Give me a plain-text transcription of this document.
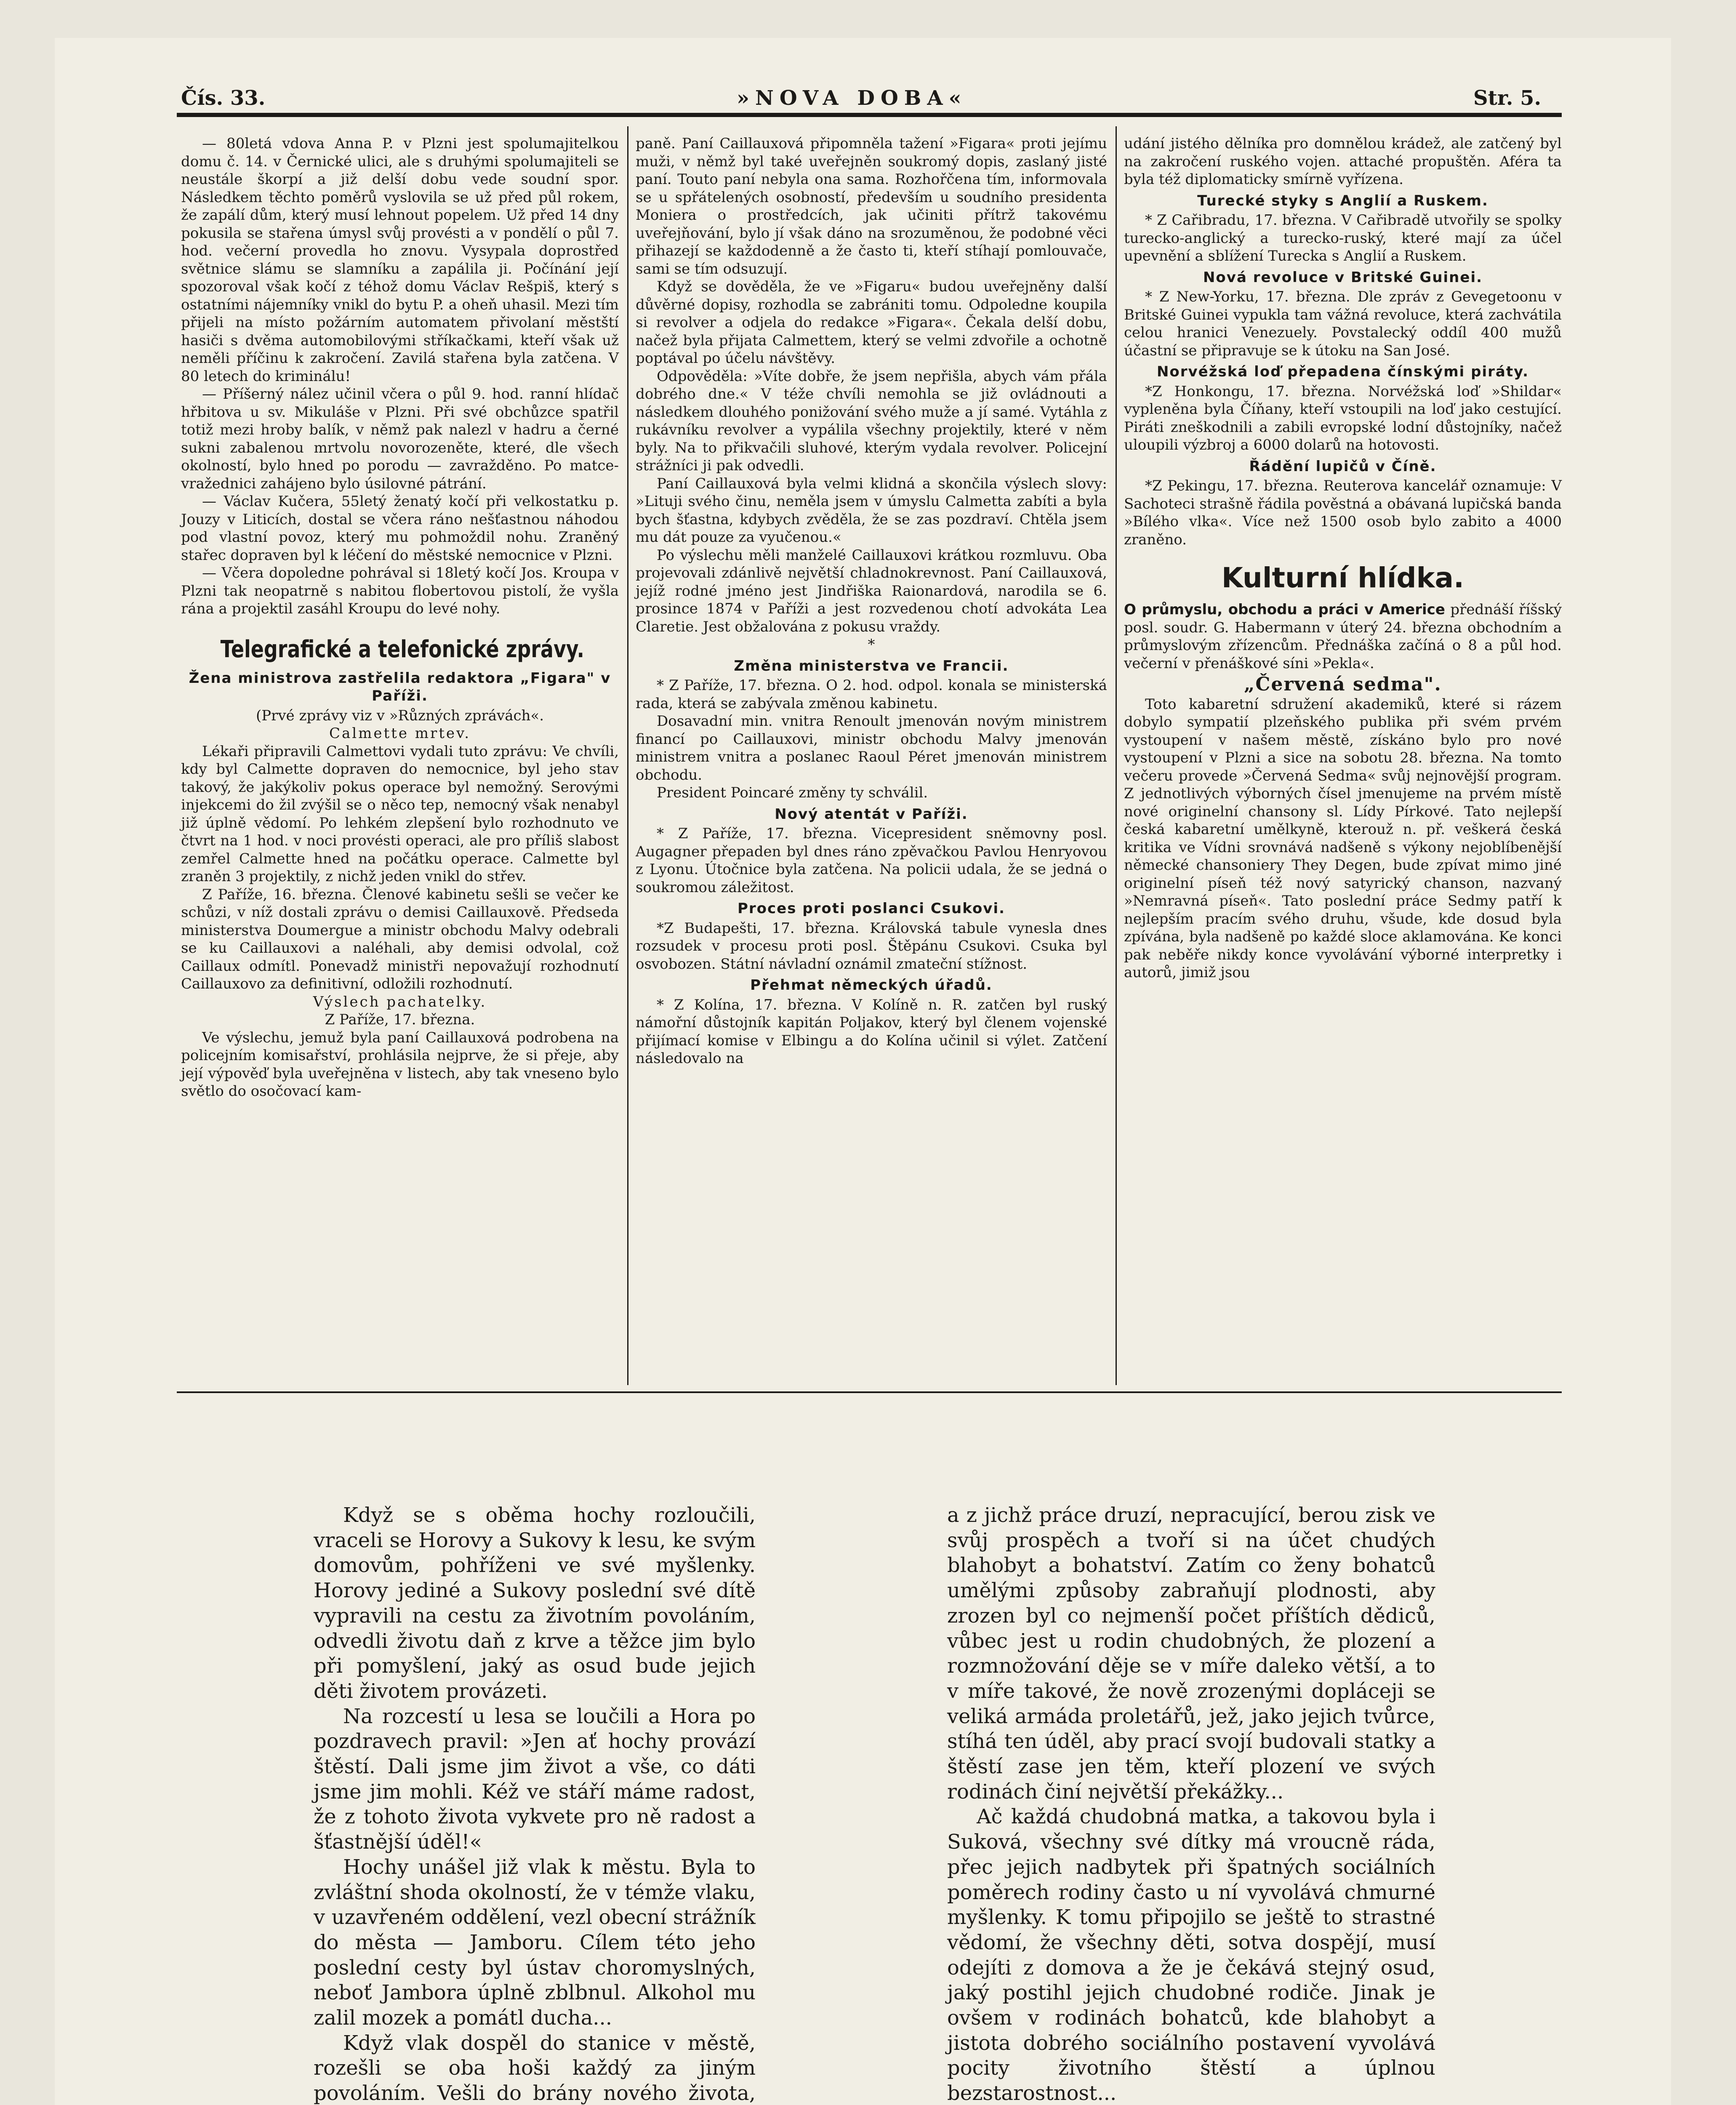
Čís. 33.	»NOVA DOBA«	Str. 5.

— 80letá vdova Anna P. v Plzni jest spolumajitelkou domu č. 14. v Černické ulici, ale s druhými spolumajiteli se neustále škorpí a již delší dobu vede soudní spor. Následkem těchto poměrů vyslovila se už před půl rokem, že zapálí dům, který musí lehnout popelem. Už před 14 dny pokusila se stařena úmysl svůj provésti a v pondělí o půl 7. hod. večerní provedla ho znovu. Vysypala doprostřed světnice slámu se slamníku a zapálila ji. Počínání její spozoroval však kočí z téhož domu Václav Rešpiš, který s ostatními nájemníky vnikl do bytu P. a oheň uhasil. Mezi tím přijeli na místo požárním automatem přivolaní městští hasiči s dvěma automobilovými stříkačkami, kteří však už neměli příčinu k zakročení. Zavilá stařena byla zatčena. V 80 letech do kriminálu!

— Příšerný nález učinil včera o půl 9. hod. ranní hlídač hřbitova u sv. Mikuláše v Plzni. Při své obchůzce spatřil totiž mezi hroby balík, v němž pak nalezl v hadru a černé sukni zabalenou mrtvolu novorozeněte, které, dle všech okolností, bylo hned po porodu — zavražděno. Po matce-vražednici zahájeno bylo úsilovné pátrání.

— Václav Kučera, 55letý ženatý kočí při velkostatku p. Jouzy v Liticích, dostal se včera ráno nešťastnou náhodou pod vlastní povoz, který mu pohmoždil nohu. Zraněný stařec dopraven byl k léčení do městské nemocnice v Plzni.

— Včera dopoledne pohrával si 18letý kočí Jos. Kroupa v Plzni tak neopatrně s nabitou flobertovou pistolí, že vyšla rána a projektil zasáhl Kroupu do levé nohy.

Telegrafické a telefonické zprávy.
Žena ministrova zastřelila redaktora „Figara" v Paříži.

(Prvé zprávy viz v »Různých zprávách«.

Calmette mrtev.

Lékaři připravili Calmettovi vydali tuto zprávu: Ve chvíli, kdy byl Calmette dopraven do nemocnice, byl jeho stav takový, že jakýkoliv pokus operace byl nemožný. Serovými injekcemi do žil zvýšil se o něco tep, nemocný však nenabyl již úplně vědomí. Po lehkém zlepšení bylo rozhodnuto ve čtvrt na 1 hod. v noci provésti operaci, ale pro příliš slabost zemřel Calmette hned na počátku operace. Calmette byl zraněn 3 projektily, z nichž jeden vnikl do střev.

Z Paříže, 16. března. Členové kabinetu sešli se večer ke schůzi, v níž dostali zprávu o demisi Caillauxově. Předseda ministerstva Doumergue a ministr obchodu Malvy odebrali se ku Caillauxovi a naléhali, aby demisi odvolal, což Caillaux odmítl. Ponevadž ministři nepovažují rozhodnutí Caillauxovo za definitivní, odložili rozhodnutí.

Výslech pachatelky.

Z Paříže, 17. března.

Ve výslechu, jemuž byla paní Caillauxová podrobena na policejním komisařství, prohlásila nejprve, že si přeje, aby její výpověď byla uveřejněna v listech, aby tak vneseno bylo světlo do osočovací kam-

paně. Paní Caillauxová připomněla tažení »Figara« proti jejímu muži, v němž byl také uveřejněn soukromý dopis, zaslaný jisté paní. Touto paní nebyla ona sama. Rozhořčena tím, informovala se u spřátelených osobností, především u soudního presidenta Moniera o prostředcích, jak učiniti přítrž takovému uveřejňování, bylo jí však dáno na srozuměnou, že podobné věci přihazejí se každodenně a že často ti, kteří stíhají pomlouvače, sami se tím odsuzují.

Když se dověděla, že ve »Figaru« budou uveřejněny další důvěrné dopisy, rozhodla se zabrániti tomu. Odpoledne koupila si revolver a odjela do redakce »Figara«. Čekala delší dobu, načež byla přijata Calmettem, který se velmi zdvořile a ochotně poptával po účelu návštěvy.

Odpověděla: »Víte dobře, že jsem nepřišla, abych vám přála dobrého dne.« V téže chvíli nemohla se již ovládnouti a následkem dlouhého ponižování svého muže a jí samé. Vytáhla z rukávníku revolver a vypálila všechny projektily, které v něm byly. Na to přikvačili sluhové, kterým vydala revolver. Policejní strážníci ji pak odvedli.

Paní Caillauxová byla velmi klidná a skončila výslech slovy: »Lituji svého činu, neměla jsem v úmyslu Calmetta zabíti a byla bych šťastna, kdybych zvěděla, že se zas pozdraví. Chtěla jsem mu dát pouze za vyučenou.«

Po výslechu měli manželé Caillauxovi krátkou rozmluvu. Oba projevovali zdánlivě největší chladnokrevnost. Paní Caillauxová, jejíž rodné jméno jest Jindřiška Raionardová, narodila se 6. prosince 1874 v Paříži a jest rozvedenou chotí advokáta Lea Claretie. Jest obžalována z pokusu vraždy.

*

Změna ministerstva ve Francii.

* Z Paříže, 17. března. O 2. hod. odpol. konala se ministerská rada, která se zabývala změnou kabinetu.

Dosavadní min. vnitra Renoult jmenován novým ministrem financí po Caillauxovi, ministr obchodu Malvy jmenován ministrem vnitra a poslanec Raoul Péret jmenován ministrem obchodu.

President Poincaré změny ty schválil.

Nový atentát v Paříži.

* Z Paříže, 17. března. Vicepresident sněmovny posl. Augagner přepaden byl dnes ráno zpěvačkou Pavlou Henryovou z Lyonu. Útočnice byla zatčena. Na policii udala, že se jedná o soukromou záležitost.

Proces proti poslanci Csukovi.

*Z Budapešti, 17. března. Královská tabule vynesla dnes rozsudek v procesu proti posl. Štěpánu Csukovi. Csuka byl osvobozen. Státní návladní oznámil zmateční stížnost.

Přehmat německých úřadů.

* Z Kolína, 17. března. V Kolíně n. R. zatčen byl ruský námořní důstojník kapitán Poljakov, který byl členem vojenské přijímací komise v Elbingu a do Kolína učinil si výlet. Zatčení následovalo na

udání jistého dělníka pro domnělou krádež, ale zatčený byl na zakročení ruského vojen. attaché propuštěn. Aféra ta byla též diplomaticky smírně vyřízena.

Turecké styky s Anglií a Ruskem.

* Z Cařibradu, 17. března. V Cařibradě utvořily se spolky turecko-anglický a turecko-ruský, které mají za účel upevnění a sblížení Turecka s Anglií a Ruskem.

Nová revoluce v Britské Guinei.

* Z New-Yorku, 17. března. Dle zpráv z Gevegetoonu v Britské Guinei vypukla tam vážná revoluce, která zachvátila celou hranici Venezuely. Povstalecký oddíl 400 mužů účastní se připravuje se k útoku na San José.

Norvéžská loď přepadena čínskými piráty.

*Z Honkongu, 17. března. Norvéžská loď »Shildar« vypleněna byla Číňany, kteří vstoupili na loď jako cestující. Piráti zneškodnili a zabili evropské lodní důstojníky, načež uloupili výzbroj a 6000 dolarů na hotovosti.

Řádění lupičů v Číně.

*Z Pekingu, 17. března. Reuterova kancelář oznamuje: V Sachoteci strašně řádila pověstná a obávaná lupičská banda »Bílého vlka«. Více než 1500 osob bylo zabito a 4000 zraněno.

Kulturní hlídka.

O průmyslu, obchodu a práci v Americe přednáší říšský posl. soudr. G. Habermann v úterý 24. března obchodním a průmyslovým zřízencům. Přednáška začíná o 8 a půl hod. večerní v přenáškové síni »Pekla«.

„Červená sedma".

Toto kabaretní sdružení akademiků, které si rázem dobylo sympatií plzeňského publika při svém prvém vystoupení v našem městě, získáno bylo pro nové vystoupení v Plzni a sice na sobotu 28. března. Na tomto večeru provede »Červená Sedma« svůj nejnovější program. Z jednotlivých výborných čísel jmenujeme na prvém místě nové originelní chansony sl. Lídy Pírkové. Tato nejlepší česká kabaretní umělkyně, kterouž n. př. veškerá česká kritika ve Vídni srovnává nadšeně s výkony nejoblíbenější německé chansoniery They Degen, bude zpívat mimo jiné originelní píseň též nový satyrický chanson, nazvaný »Nemravná píseň«. Tato poslední práce Sedmy patří k nejlepším pracím svého druhu, všude, kde dosud byla zpívána, byla nadšeně po každé sloce aklamována. Ke konci pak neběře nikdy konce vyvolávání výborné interpretky i autorů, jimiž jsou

Když se s oběma hochy rozloučili, vraceli se Horovy a Sukovy k lesu, ke svým domovům, pohříženi ve své myšlenky. Horovy jediné a Sukovy poslední své dítě vypravili na cestu za životním povoláním, odvedli životu daň z krve a těžce jim bylo při pomyšlení, jaký as osud bude jejich děti životem provázeti.

Na rozcestí u lesa se loučili a Hora po pozdravech pravil: »Jen ať hochy provází štěstí. Dali jsme jim život a vše, co dáti jsme jim mohli. Kéž ve stáří máme radost, že z tohoto života vykvete pro ně radost a šťastnější úděl!«

Hochy unášel již vlak k městu. Byla to zvláštní shoda okolností, že v témže vlaku, v uzavřeném oddělení, vezl obecní strážník do města — Jamboru. Cílem této jeho poslední cesty byl ústav choromyslných, neboť Jambora úplně zblbnul. Alkohol mu zalil mozek a pomátl ducha...

Když vlak dospěl do stanice v městě, rozešli se oba hoši každý za jiným povoláním. Vešli do brány nového života,

a z jichž práce druzí, nepracující, berou zisk ve svůj prospěch a tvoří si na účet chudých blahobyt a bohatství. Zatím co ženy bohatců umělými způsoby zabraňují plodnosti, aby zrozen byl co nejmenší počet příštích dědiců, vůbec jest u rodin chudobných, že plození a rozmnožování děje se v míře daleko větší, a to v míře takové, že nově zrozenými dopláceji se veliká armáda proletářů, jež, jako jejich tvůrce, stíhá ten úděl, aby prací svojí budovali statky a štěstí zase jen těm, kteří plození ve svých rodinách činí největší překážky...

Ač každá chudobná matka, a takovou byla i Suková, všechny své dítky má vroucně ráda, přec jejich nadbytek při špatných sociálních poměrech rodiny často u ní vyvolává chmurné myšlenky. K tomu připojilo se ještě to strastné vědomí, že všechny děti, sotva dospějí, musí odejíti z domova a že je čekává stejný osud, jaký postihl jejich chudobné rodiče. Jinak je ovšem v rodinách bohatců, kde blahobyt a jistota dobrého sociálního postavení vyvolává pocity životního štěstí a úplnou bezstarostnost...
